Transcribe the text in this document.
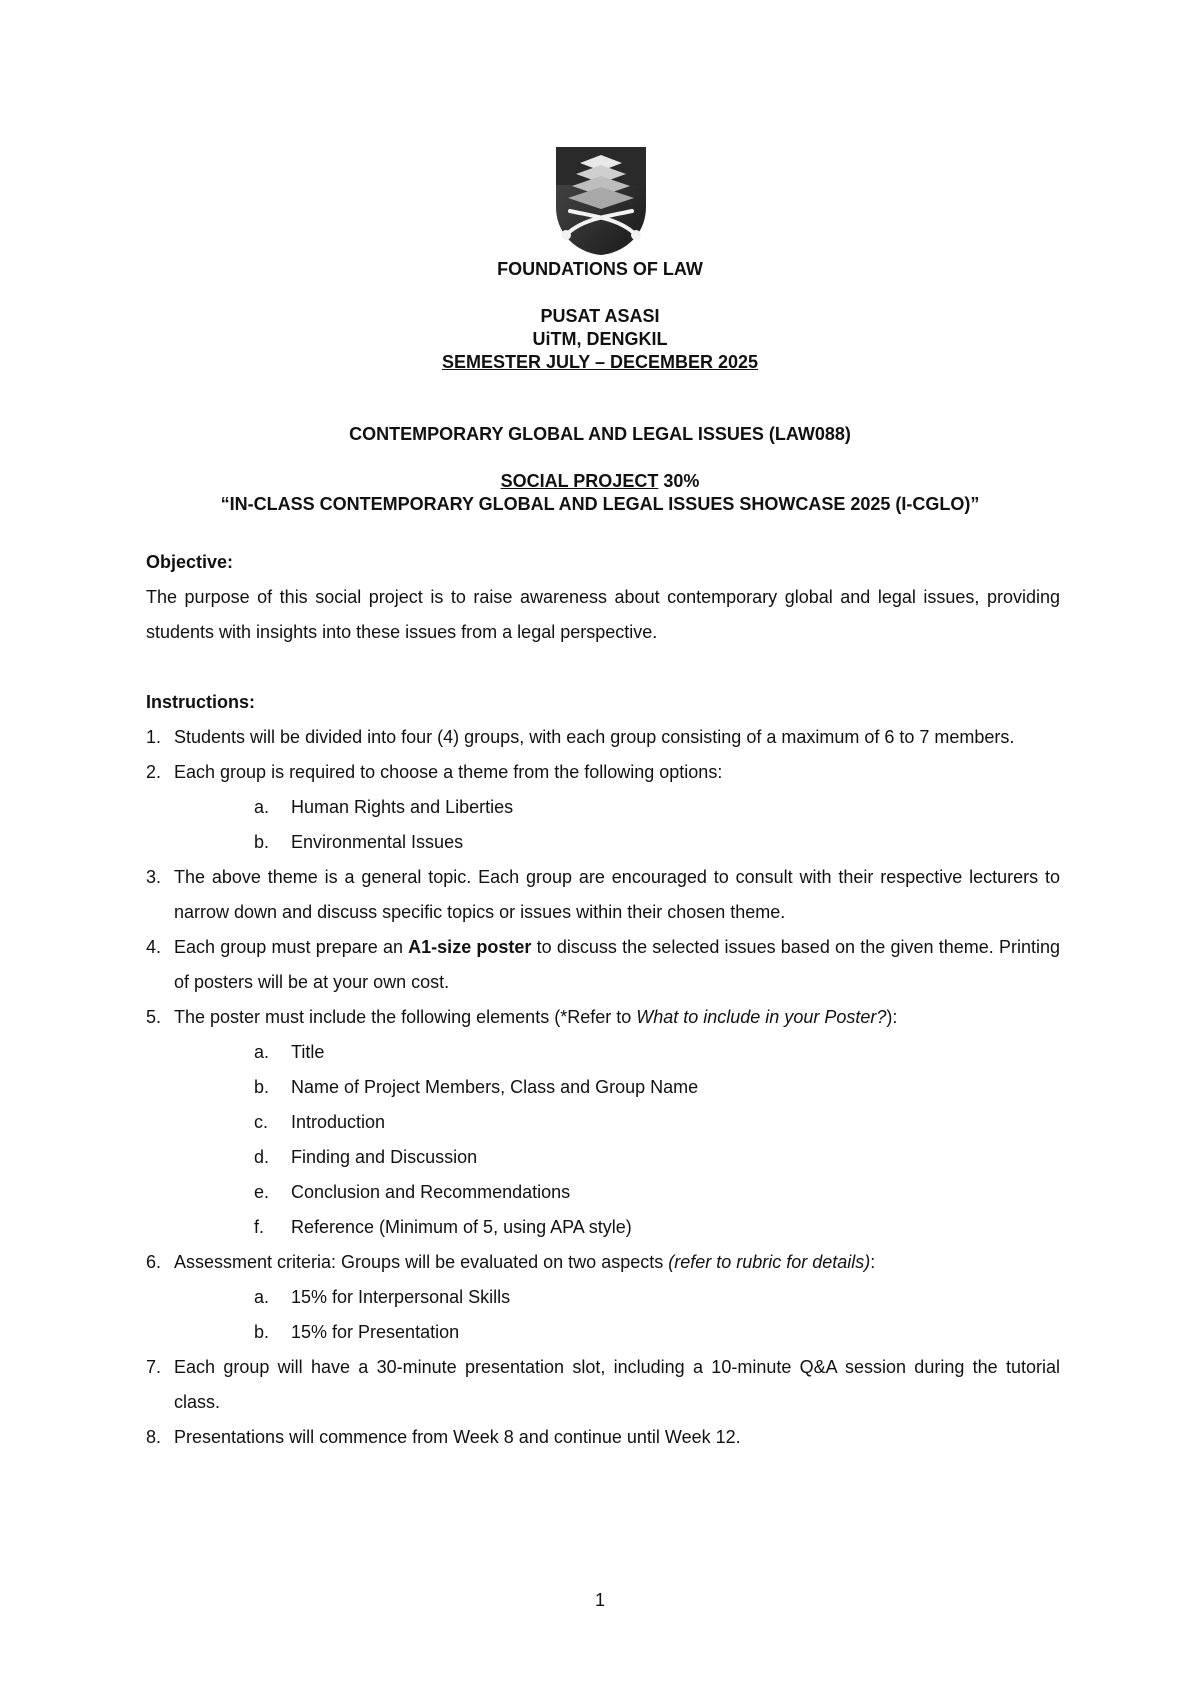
FOUNDATIONS OF LAW
PUSAT ASASI
UiTM, DENGKIL
SEMESTER JULY – DECEMBER 2025
CONTEMPORARY GLOBAL AND LEGAL ISSUES (LAW088)
SOCIAL PROJECT 30%
“IN-CLASS CONTEMPORARY GLOBAL AND LEGAL ISSUES SHOWCASE 2025 (I-CGLO)”
Objective:
The purpose of this social project is to raise awareness about contemporary global and legal issues, providing students with insights into these issues from a legal perspective.
Instructions:
1. Students will be divided into four (4) groups, with each group consisting of a maximum of 6 to 7 members.
2. Each group is required to choose a theme from the following options:
a. Human Rights and Liberties
b. Environmental Issues
3. The above theme is a general topic. Each group are encouraged to consult with their respective lecturers to narrow down and discuss specific topics or issues within their chosen theme.
4. Each group must prepare an A1-size poster to discuss the selected issues based on the given theme. Printing of posters will be at your own cost.
5. The poster must include the following elements (*Refer to What to include in your Poster?):
a. Title
b. Name of Project Members, Class and Group Name
c. Introduction
d. Finding and Discussion
e. Conclusion and Recommendations
f. Reference (Minimum of 5, using APA style)
6. Assessment criteria: Groups will be evaluated on two aspects (refer to rubric for details):
a. 15% for Interpersonal Skills
b. 15% for Presentation
7. Each group will have a 30-minute presentation slot, including a 10-minute Q&A session during the tutorial class.
8. Presentations will commence from Week 8 and continue until Week 12.
1
